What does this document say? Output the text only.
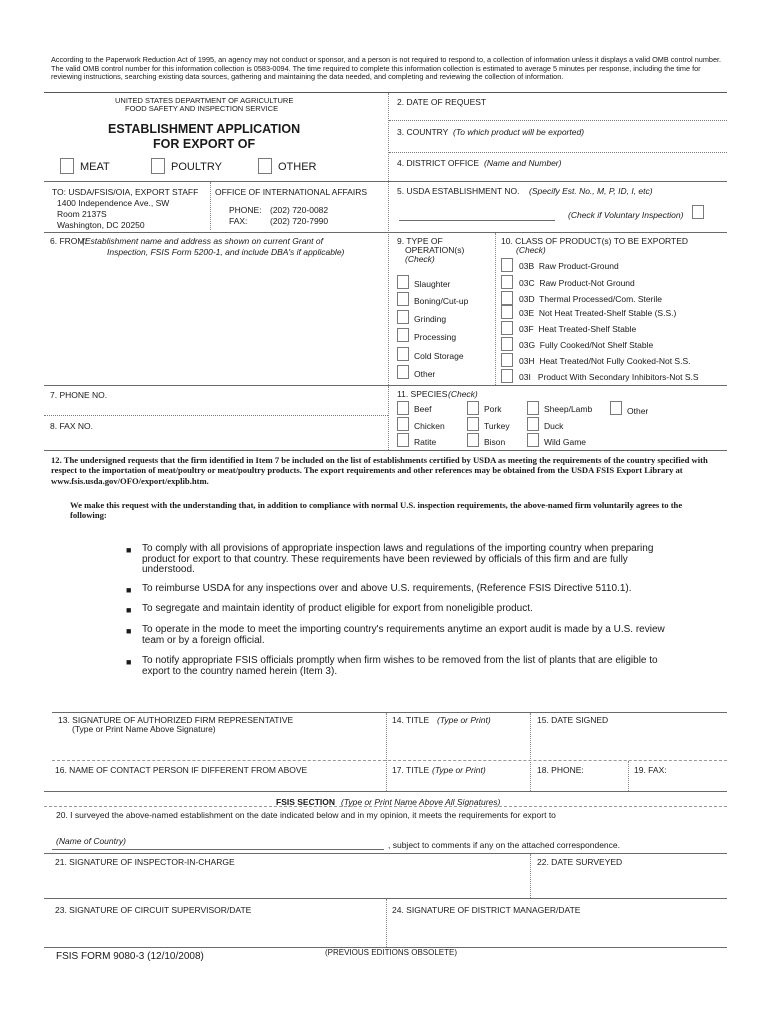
According to the Paperwork Reduction Act of 1995, an agency may not conduct or sponsor, and a person is not required to respond to, a collection of information unless it displays a valid OMB control number. The valid OMB control number for this information collection is 0583-0094. The time required to complete this information collection is estimated to average 5 minutes per response, including the time for reviewing instructions, searching existing data sources, gathering and maintaining the data needed, and completing and reviewing the collection of information.
UNITED STATES DEPARTMENT OF AGRICULTURE
FOOD SAFETY AND INSPECTION SERVICE
ESTABLISHMENT APPLICATION
FOR EXPORT OF
MEAT	POULTRY	OTHER
2. DATE OF REQUEST
3. COUNTRY (To which product will be exported)
4. DISTRICT OFFICE (Name and Number)
TO: USDA/FSIS/OIA, EXPORT STAFF
1400 Independence Ave., SW
Room 2137S
Washington, DC 20250
OFFICE OF INTERNATIONAL AFFAIRS
PHONE: (202) 720-0082
FAX:	(202) 720-7990
5. USDA ESTABLISHMENT NO. (Specify Est. No., M, P, ID, I, etc)
(Check if Voluntary Inspection)
6. FROM:
(Establishment name and address as shown on current Grant of
Inspection, FSIS Form 5200-1, and include DBA's if applicable)
9. TYPE OF
OPERATION(s)
(Check)
Slaughter
Boning/Cut-up
Grinding
Processing
Cold Storage
Other
10. CLASS OF PRODUCT(s) TO BE EXPORTED
(Check)
03B  Raw Product-Ground
03C  Raw Product-Not Ground
03D  Thermal Processed/Com. Sterile
03E  Not Heat Treated-Shelf Stable (S.S.)
03F  Heat Treated-Shelf Stable
03G  Fully Cooked/Not Shelf Stable
03H  Heat Treated/Not Fully Cooked-Not S.S.
03I   Product With Secondary Inhibitors-Not S.S
7. PHONE NO.
8. FAX NO.
11. SPECIES (Check)
Beef	Pork	Sheep/Lamb	Other
Chicken	Turkey	Duck
Ratite	Bison	Wild Game
12. The undersigned requests that the firm identified in Item 7 be included on the list of establishments certified by USDA as meeting the requirements of the country specified with respect to the importation of meat/poultry or meat/poultry products. The export requirements and other references may be obtained from the USDA FSIS Export Library at www.fsis.usda.gov/OFO/export/explib.htm.
We make this request with the understanding that, in addition to compliance with normal U.S. inspection requirements, the above-named firm voluntarily agrees to the following:
■ To comply with all provisions of appropriate inspection laws and regulations of the importing country when preparing product for export to that country. These requirements have been reviewed by officials of this firm and are fully understood.
■ To reimburse USDA for any inspections over and above U.S. requirements, (Reference FSIS Directive 5110.1).
■ To segregate and maintain identity of product eligible for export from noneligible product.
■ To operate in the mode to meet the importing country's requirements anytime an export audit is made by a U.S. review team or by a foreign official.
■ To notify appropriate FSIS officials promptly when firm wishes to be removed from the list of plants that are eligible to export to the country named herein (Item 3).
13. SIGNATURE OF AUTHORIZED FIRM REPRESENTATIVE
(Type or Print Name Above Signature)
14. TITLE (Type or Print)	15. DATE SIGNED
16. NAME OF CONTACT PERSON IF DIFFERENT FROM ABOVE	17. TITLE (Type or Print)	18. PHONE:	19. FAX:
FSIS SECTION (Type or Print Name Above All Signatures)
20. I surveyed the above-named establishment on the date indicated below and in my opinion, it meets the requirements for export to
(Name of Country)	, subject to comments if any on the attached correspondence.
21. SIGNATURE OF INSPECTOR-IN-CHARGE	22. DATE SURVEYED
23. SIGNATURE OF CIRCUIT SUPERVISOR/DATE	24. SIGNATURE OF DISTRICT MANAGER/DATE
FSIS FORM 9080-3 (12/10/2008)	(PREVIOUS EDITIONS OBSOLETE)
